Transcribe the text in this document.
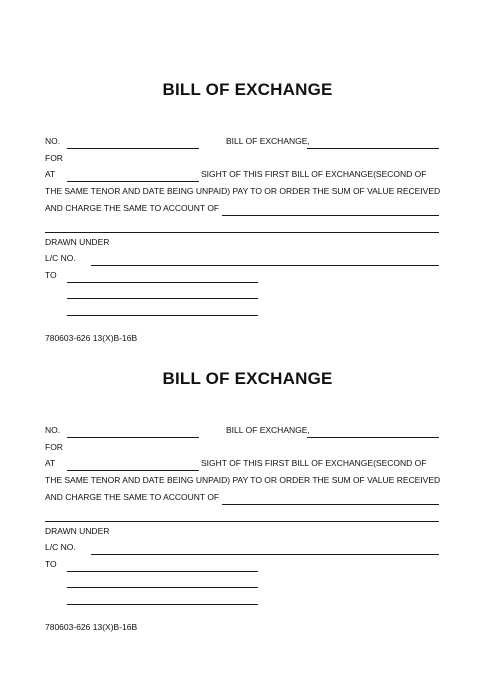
BILL OF EXCHANGE
NO.	BILL OF EXCHANGE,
FOR
AT	SIGHT OF THIS FIRST BILL OF EXCHANGE(SECOND OF
THE SAME TENOR AND DATE BEING UNPAID) PAY TO OR ORDER THE SUM OF VALUE RECEIVED
AND CHARGE THE SAME TO ACCOUNT OF
DRAWN UNDER
L/C NO.
TO
780603-626 13(X)B-16B
BILL OF EXCHANGE
NO.	BILL OF EXCHANGE,
FOR
AT	SIGHT OF THIS FIRST BILL OF EXCHANGE(SECOND OF
THE SAME TENOR AND DATE BEING UNPAID) PAY TO OR ORDER THE SUM OF VALUE RECEIVED
AND CHARGE THE SAME TO ACCOUNT OF
DRAWN UNDER
L/C NO.
TO
780603-626 13(X)B-16B
